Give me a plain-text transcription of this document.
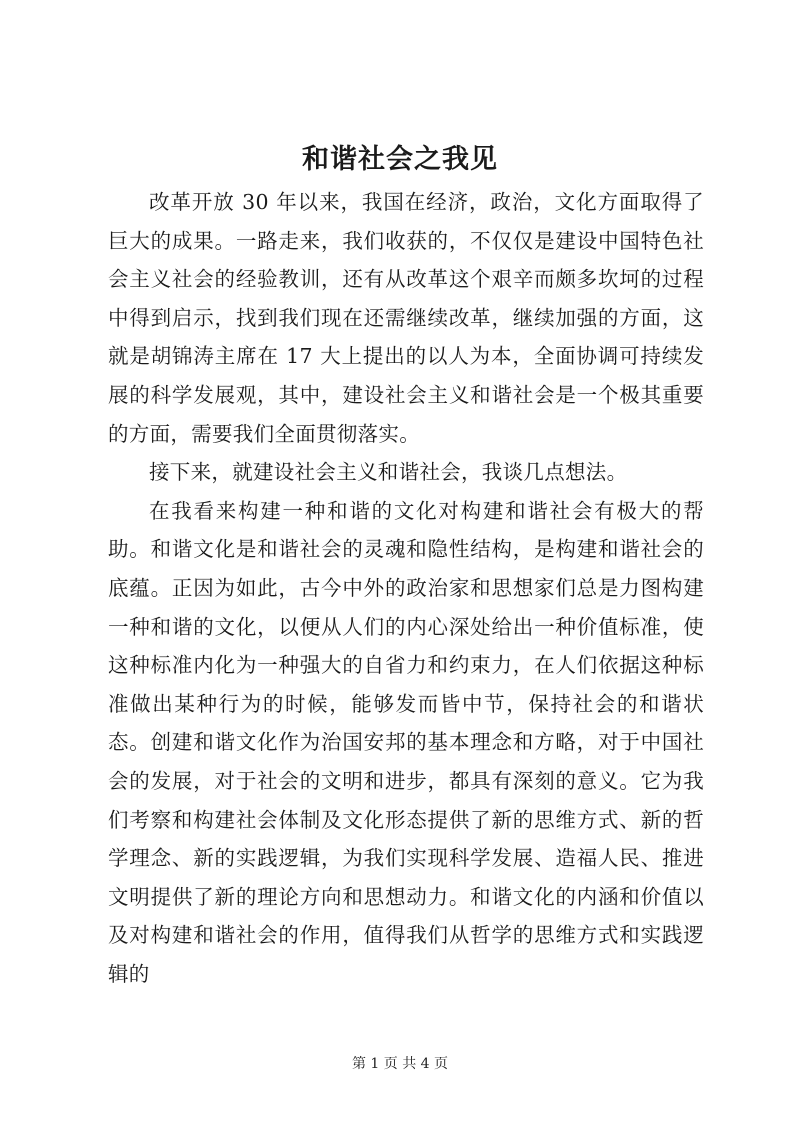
和谐社会之我见

改革开放 30 年以来，我国在经济，政治，文化方面取得了巨大的成果。一路走来，我们收获的，不仅仅是建设中国特色社会主义社会的经验教训，还有从改革这个艰辛而颇多坎坷的过程中得到启示，找到我们现在还需继续改革，继续加强的方面，这就是胡锦涛主席在 17 大上提出的以人为本，全面协调可持续发展的科学发展观，其中，建设社会主义和谐社会是一个极其重要的方面，需要我们全面贯彻落实。

接下来，就建设社会主义和谐社会，我谈几点想法。

在我看来构建一种和谐的文化对构建和谐社会有极大的帮助。和谐文化是和谐社会的灵魂和隐性结构，是构建和谐社会的底蕴。正因为如此，古今中外的政治家和思想家们总是力图构建一种和谐的文化，以便从人们的内心深处给出一种价值标准，使这种标准内化为一种强大的自省力和约束力，在人们依据这种标准做出某种行为的时候，能够发而皆中节，保持社会的和谐状态。创建和谐文化作为治国安邦的基本理念和方略，对于中国社会的发展，对于社会的文明和进步，都具有深刻的意义。它为我们考察和构建社会体制及文化形态提供了新的思维方式、新的哲学理念、新的实践逻辑，为我们实现科学发展、造福人民、推进文明提供了新的理论方向和思想动力。和谐文化的内涵和价值以及对构建和谐社会的作用，值得我们从哲学的思维方式和实践逻辑的

第 1 页 共 4 页
